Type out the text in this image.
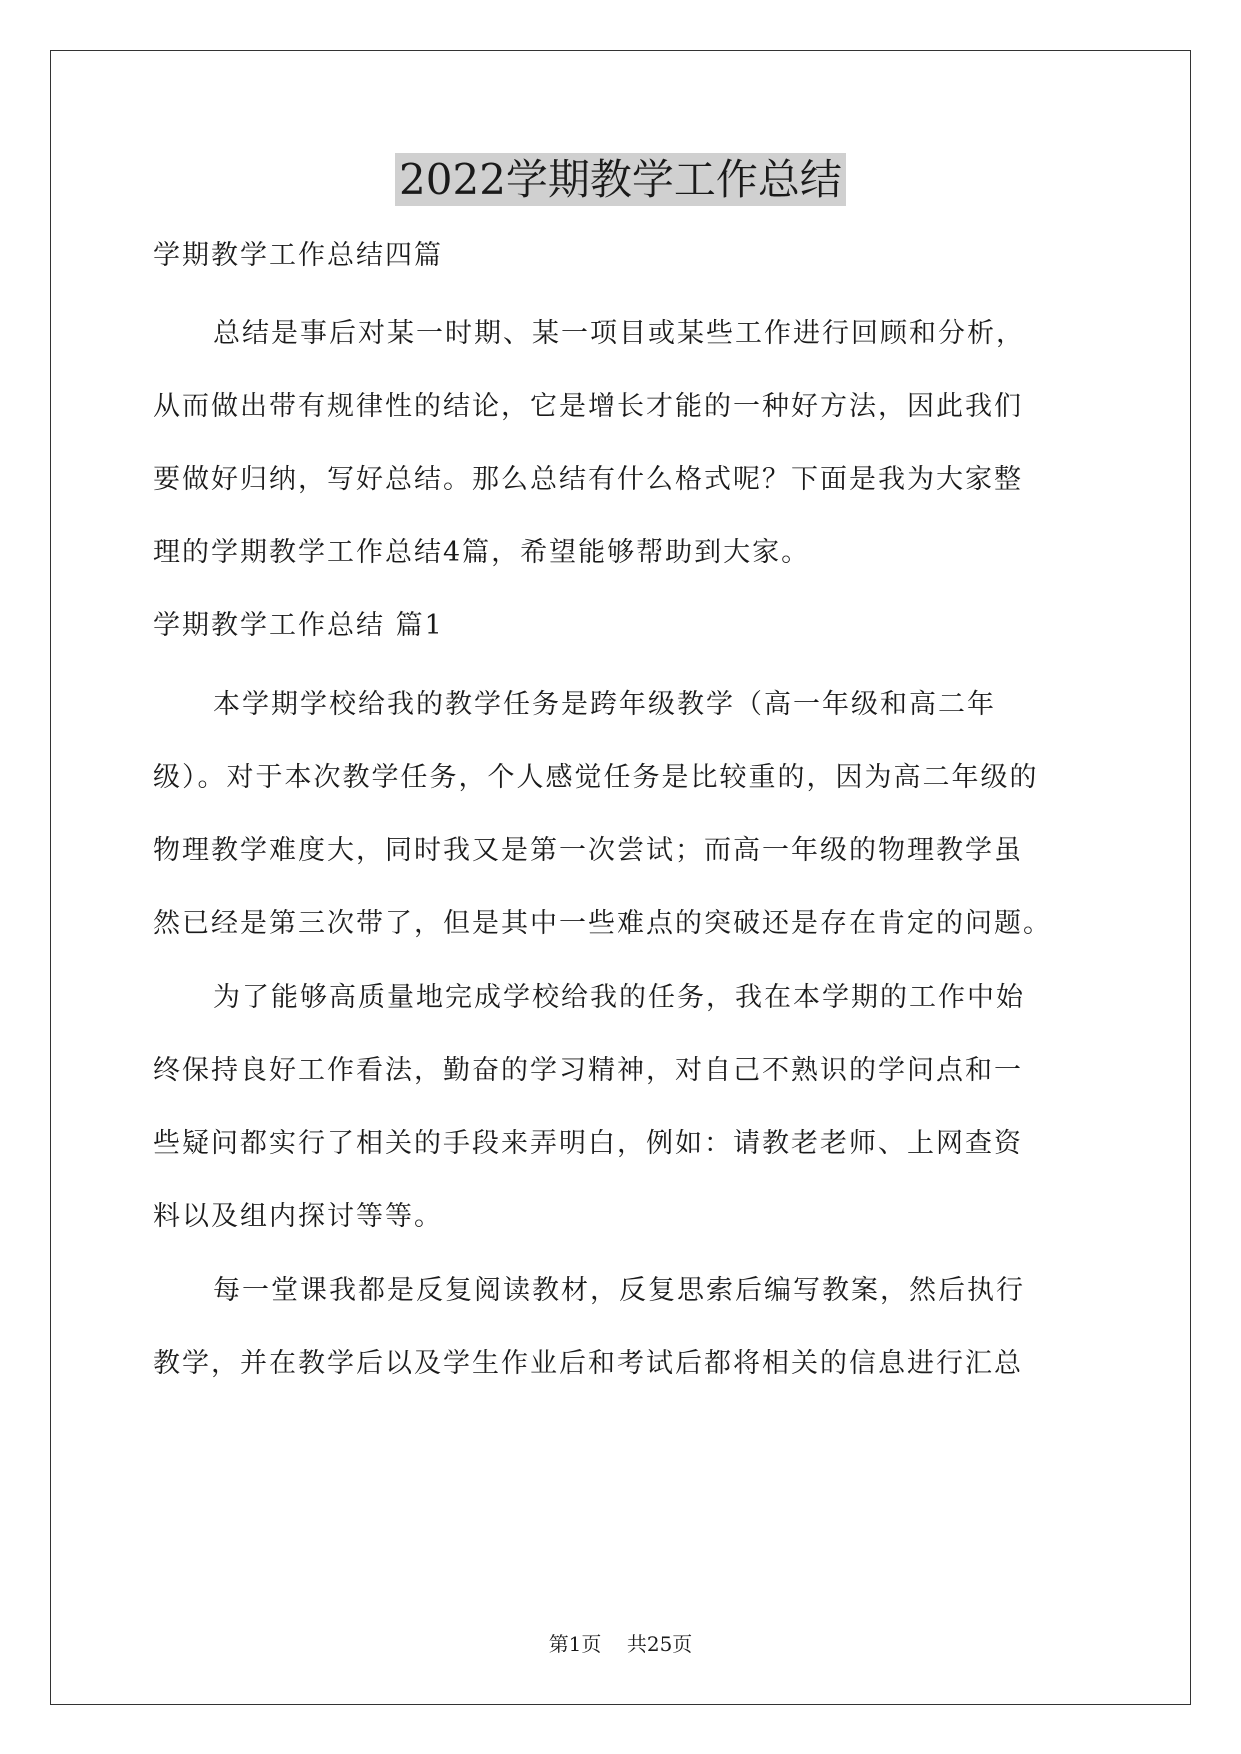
2022学期教学工作总结
学期教学工作总结四篇
总结是事后对某一时期、某一项目或某些工作进行回顾和分析，
从而做出带有规律性的结论，它是增长才能的一种好方法，因此我们
要做好归纳，写好总结。那么总结有什么格式呢？下面是我为大家整
理的学期教学工作总结4篇，希望能够帮助到大家。
学期教学工作总结 篇1
本学期学校给我的教学任务是跨年级教学（高一年级和高二年
级）。对于本次教学任务，个人感觉任务是比较重的，因为高二年级的
物理教学难度大，同时我又是第一次尝试；而高一年级的物理教学虽
然已经是第三次带了，但是其中一些难点的突破还是存在肯定的问题。
为了能够高质量地完成学校给我的任务，我在本学期的工作中始
终保持良好工作看法，勤奋的学习精神，对自己不熟识的学问点和一
些疑问都实行了相关的手段来弄明白，例如：请教老老师、上网查资
料以及组内探讨等等。
每一堂课我都是反复阅读教材，反复思索后编写教案，然后执行
教学，并在教学后以及学生作业后和考试后都将相关的信息进行汇总
第1页    共25页
